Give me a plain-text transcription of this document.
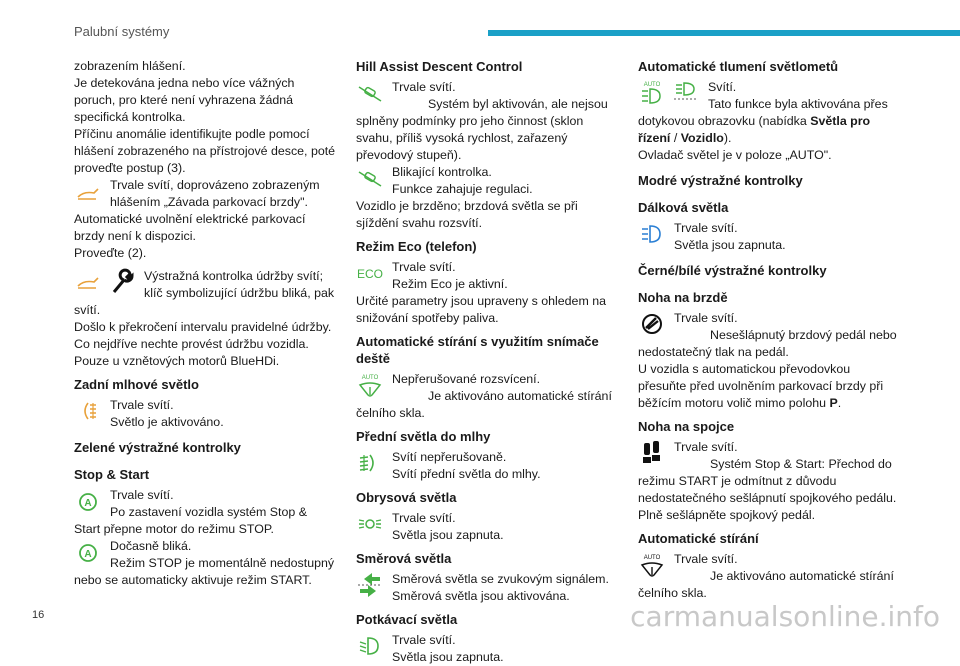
Palubní systémy

zobrazením hlášení.

Je detekována jedna nebo více vážných poruch, pro které není vyhrazena žádná specifická kontrolka.

Příčinu anomálie identifikujte podle pomocí hlášení zobrazeného na přístrojové desce, poté proveďte postup (3).

Trvale svítí, doprovázeno zobrazeným hlášením „Závada parkovací brzdy".

Automatické uvolnění elektrické parkovací brzdy není k dispozici.

Proveďte (2).

Výstražná kontrolka údržby svítí; klíč symbolizující údržbu bliká, pak svítí.

Došlo k překročení intervalu pravidelné údržby.

Co nejdříve nechte provést údržbu vozidla.

Pouze u vznětových motorů BlueHDi.

Zadní mlhové světlo

Trvale svítí.

Světlo je aktivováno.

Zelené výstražné kontrolky
Stop & Start
A

Trvale svítí.

Po zastavení vozidla systém Stop & Start přepne motor do režimu STOP.

A

Dočasně bliká.

Režim STOP je momentálně nedostupný nebo se automaticky aktivuje režim START.

Hill Assist Descent Control

Trvale svítí.

Systém byl aktivován, ale nejsou splněny podmínky pro jeho činnost (sklon svahu, příliš vysoká rychlost, zařazený převodový stupeň).

Blikající kontrolka.

Funkce zahajuje regulaci.

Vozidlo je brzděno; brzdová světla se při sjíždění svahu rozsvítí.

Režim Eco (telefon)
ECO Trvale svítí.

Režim Eco je aktivní.

Určité parametry jsou upraveny s ohledem na snižování spotřeby paliva.

Automatické stírání s využitím snímače deště
AUTO	Nepřerušované rozsvícení.

Je aktivováno automatické stírání čelního skla.

Přední světla do mlhy

Svítí nepřerušovaně.

Svítí přední světla do mlhy.

Obrysová světla

Trvale svítí.

Světla jsou zapnuta.

Směrová světla

Směrová světla se zvukovým signálem.

Směrová světla jsou aktivována.

Potkávací světla

Trvale svítí.

Světla jsou zapnuta.

Automatické tlumení světlometů
AUTO	Svítí.

Tato funkce byla aktivována přes dotykovou obrazovku (nabídka Světla pro řízení / Vozidlo).

Ovladač světel je v poloze „AUTO".

Modré výstražné kontrolky
Dálková světla

Trvale svítí.

Světla jsou zapnuta.

Černé/bílé výstražné kontrolky
Noha na brzdě

Trvale svítí.

Nesešlápnutý brzdový pedál nebo nedostatečný tlak na pedál.

U vozidla s automatickou převodovkou přesuňte před uvolněním parkovací brzdy při běžícím motoru volič mimo polohu P.

Noha na spojce

Trvale svítí.

Systém Stop & Start: Přechod do režimu START je odmítnut z důvodu nedostatečného sešlápnutí spojkového pedálu.

Plně sešlápněte spojkový pedál.

Automatické stírání
AUTO	Trvale svítí.

Je aktivováno automatické stírání čelního skla.

16	carmanualsonline.info
